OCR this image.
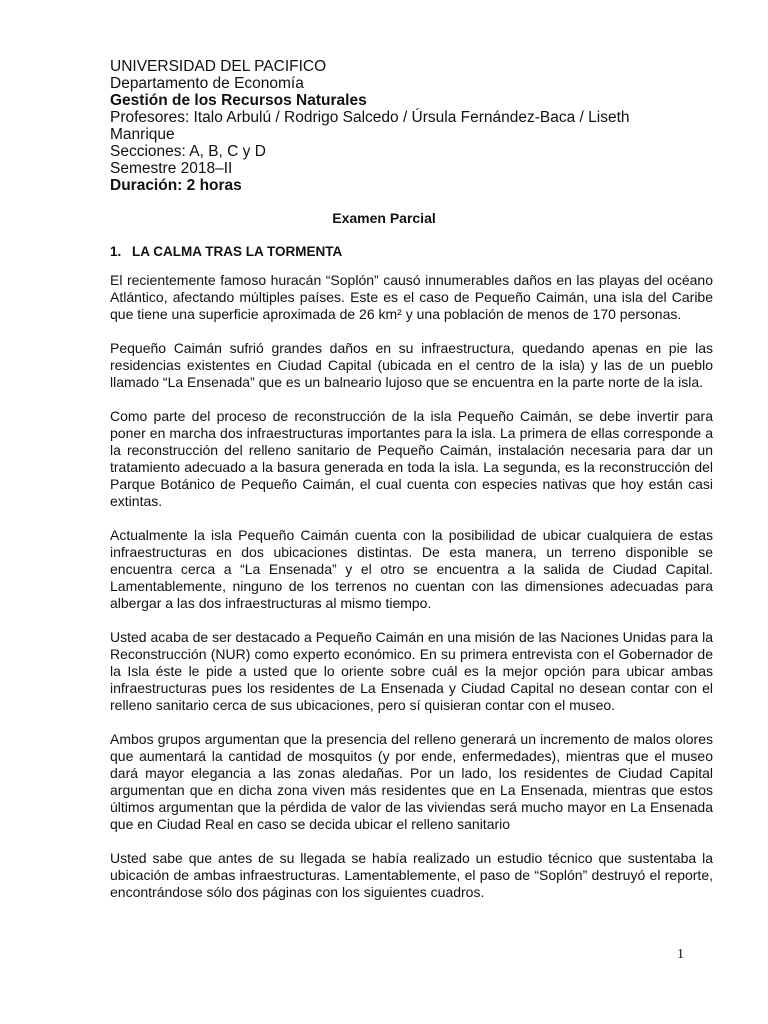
UNIVERSIDAD DEL PACIFICO
Departamento de Economía
Gestión de los Recursos Naturales
Profesores: Italo Arbulú / Rodrigo Salcedo / Úrsula Fernández-Baca / Liseth Manrique
Secciones: A, B, C y D
Semestre 2018–II
Duración: 2 horas
Examen Parcial
1. LA CALMA TRAS LA TORMENTA

El recientemente famoso huracán “Soplón” causó innumerables daños en las playas del océano Atlántico, afectando múltiples países. Este es el caso de Pequeño Caimán, una isla del Caribe que tiene una superficie aproximada de 26 km² y una población de menos de 170 personas.

Pequeño Caimán sufrió grandes daños en su infraestructura, quedando apenas en pie las residencias existentes en Ciudad Capital (ubicada en el centro de la isla) y las de un pueblo llamado “La Ensenada” que es un balneario lujoso que se encuentra en la parte norte de la isla.

Como parte del proceso de reconstrucción de la isla Pequeño Caimán, se debe invertir para poner en marcha dos infraestructuras importantes para la isla. La primera de ellas corresponde a la reconstrucción del relleno sanitario de Pequeño Caimán, instalación necesaria para dar un tratamiento adecuado a la basura generada en toda la isla. La segunda, es la reconstrucción del Parque Botánico de Pequeño Caimán, el cual cuenta con especies nativas que hoy están casi extintas.

Actualmente la isla Pequeño Caimán cuenta con la posibilidad de ubicar cualquiera de estas infraestructuras en dos ubicaciones distintas. De esta manera, un terreno disponible se encuentra cerca a “La Ensenada” y el otro se encuentra a la salida de Ciudad Capital. Lamentablemente, ninguno de los terrenos no cuentan con las dimensiones adecuadas para albergar a las dos infraestructuras al mismo tiempo.

Usted acaba de ser destacado a Pequeño Caimán en una misión de las Naciones Unidas para la Reconstrucción (NUR) como experto económico. En su primera entrevista con el Gobernador de la Isla éste le pide a usted que lo oriente sobre cuál es la mejor opción para ubicar ambas infraestructuras pues los residentes de La Ensenada y Ciudad Capital no desean contar con el relleno sanitario cerca de sus ubicaciones, pero sí quisieran contar con el museo.

Ambos grupos argumentan que la presencia del relleno generará un incremento de malos olores que aumentará la cantidad de mosquitos (y por ende, enfermedades), mientras que el museo dará mayor elegancia a las zonas aledañas. Por un lado, los residentes de Ciudad Capital argumentan que en dicha zona viven más residentes que en La Ensenada, mientras que estos últimos argumentan que la pérdida de valor de las viviendas será mucho mayor en La Ensenada que en Ciudad Real en caso se decida ubicar el relleno sanitario

Usted sabe que antes de su llegada se había realizado un estudio técnico que sustentaba la ubicación de ambas infraestructuras. Lamentablemente, el paso de “Soplón” destruyó el reporte, encontrándose sólo dos páginas con los siguientes cuadros.

1
